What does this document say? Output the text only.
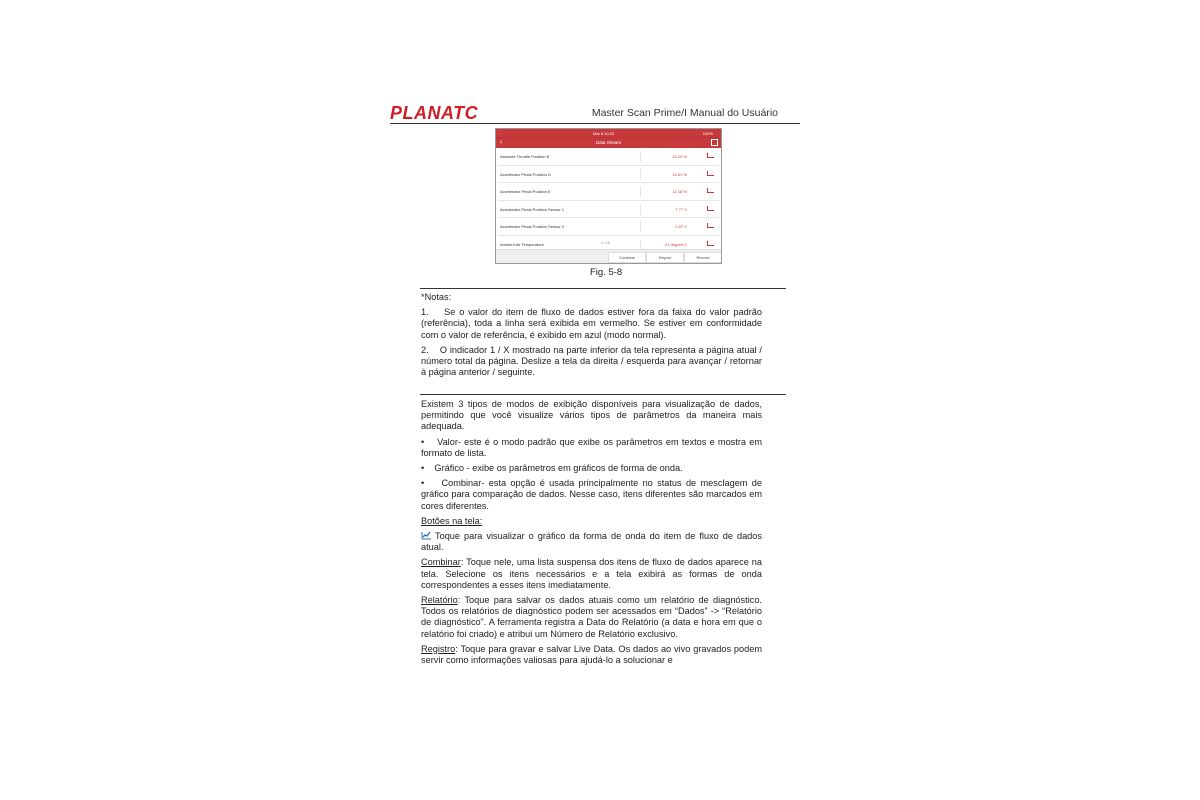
PLANATC	Master Scan Prime/I Manual do Usuário
◦	Mar 8 10:22	100%
‹	Data Stream
Absolute Throttle Position B	15.29 %
Accelerator Pedal Position D	19.61 %
Accelerator Pedal Position E	11.18 %
Accelerator Pedal Position Sensor 1	7.77 V
Accelerator Pedal Position Sensor 2	0.57 V
Ambient Air Temperature	21 degree C
1 / 16
Combine	Report	Record
Fig. 5-8

*Notas:

1.    Se o valor do item de fluxo de dados estiver fora da faixa do valor padrão (referência), toda a linha será exibida em vermelho. Se estiver em conformidade com o valor de referência, é exibido em azul (modo normal).

2.    O indicador 1 / X mostrado na parte inferior da tela representa a página atual / número total da página. Deslize a tela da direita / esquerda para avançar / retornar à página anterior / seguinte.

Existem 3 tipos de modos de exibição disponíveis para visualização de dados, permitindo que você visualize vários tipos de parâmetros da maneira mais adequada.

•    Valor- este é o modo padrão que exibe os parâmetros em textos e mostra em formato de lista.

•    Gráfico - exibe os parâmetros em gráficos de forma de onda.

•    Combinar- esta opção é usada principalmente no status de mesclagem de gráfico para comparação de dados. Nesse caso, itens diferentes são marcados em cores diferentes.

Botões na tela:

Toque para visualizar o gráfico da forma de onda do item de fluxo de dados atual.

Combinar: Toque nele, uma lista suspensa dos itens de fluxo de dados aparece na tela. Selecione os itens necessários e a tela exibirá as formas de onda correspondentes a esses itens imediatamente.

Relatório: Toque para salvar os dados atuais como um relatório de diagnóstico. Todos os relatórios de diagnóstico podem ser acessados em “Dados” -> “Relatório de diagnóstico”. A ferramenta registra a Data do Relatório (a data e hora em que o relatório foi criado) e atribui um Número de Relatório exclusivo.

Registro: Toque para gravar e salvar Live Data. Os dados ao vivo gravados podem servir como informações valiosas para ajudá-lo a solucionar e
